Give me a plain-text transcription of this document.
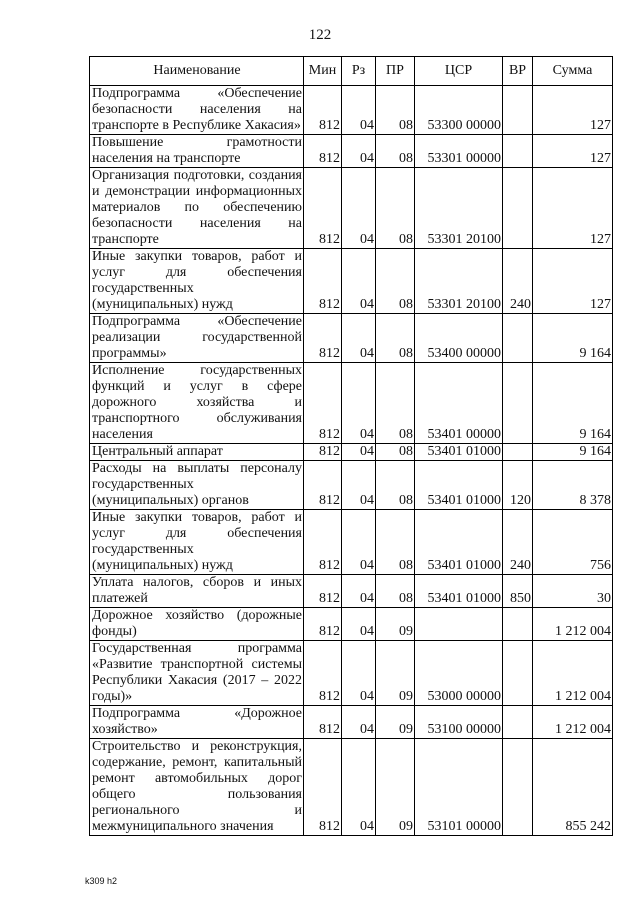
122
Наименование	Мин	Рз	ПР	ЦСР	ВР	Сумма
Подпрограмма «Обеспечение безопасности населения на транспорте в Республике Хакасия»	812	04	08	53300 00000		127
Повышение грамотности населения на транспорте	812	04	08	53301 00000		127
Организация подготовки, создания и демонстрации информационных материалов по обеспечению безопасности населения на транспорте	812	04	08	53301 20100		127
Иные закупки товаров, работ и услуг для обеспечения государственных (муниципальных) нужд	812	04	08	53301 20100	240	127
Подпрограмма «Обеспечение реализации государственной программы»	812	04	08	53400 00000		9 164
Исполнение государственных функций и услуг в сфере дорожного хозяйства и транспортного обслуживания населения	812	04	08	53401 00000		9 164
Центральный аппарат	812	04	08	53401 01000		9 164
Расходы на выплаты персоналу государственных (муниципальных) органов	812	04	08	53401 01000	120	8 378
Иные закупки товаров, работ и услуг для обеспечения государственных (муниципальных) нужд	812	04	08	53401 01000	240	756
Уплата налогов, сборов и иных платежей	812	04	08	53401 01000	850	30
Дорожное хозяйство (дорожные фонды)	812	04	09			1 212 004
Государственная программа «Развитие транспортной системы Республики Хакасия (2017 – 2022 годы)»	812	04	09	53000 00000		1 212 004
Подпрограмма «Дорожное хозяйство»	812	04	09	53100 00000		1 212 004
Строительство и реконструкция, содержание, ремонт, капитальный ремонт автомобильных дорог общего пользования регионального и межмуниципального значения	812	04	09	53101 00000		855 242
k309 h2
